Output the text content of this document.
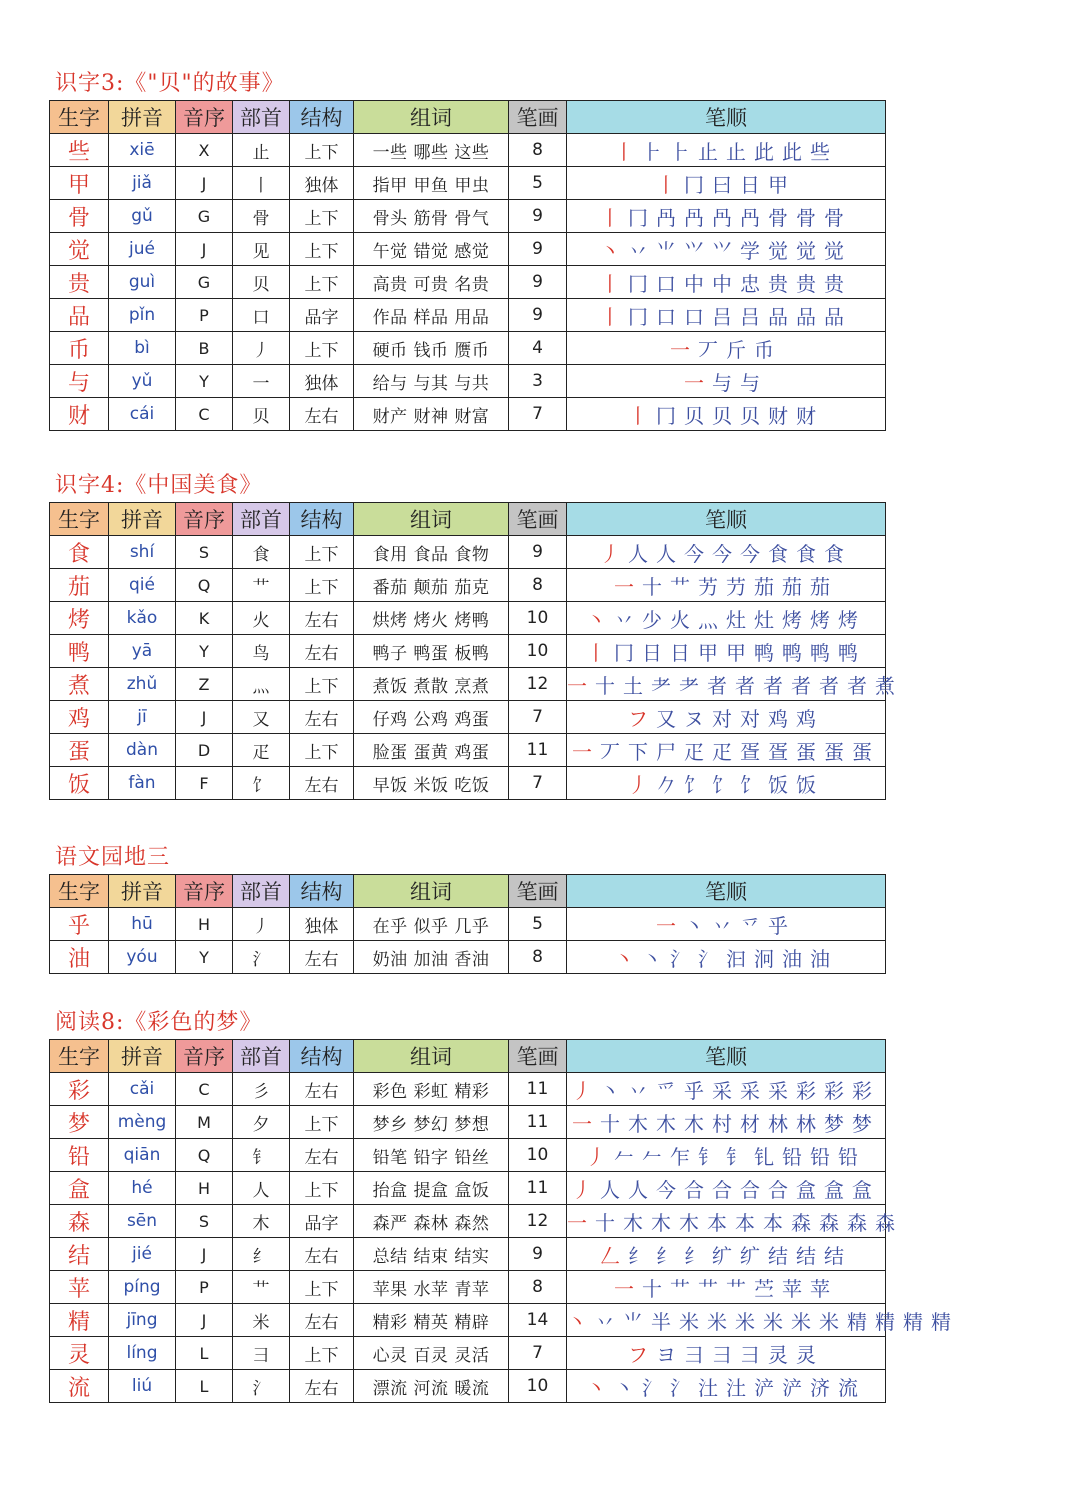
识字3:《"贝"的故事》
生字	拼音	音序	部首	结构	组词	笔画	笔顺
些	xiē	X	止	上下	一些 哪些 这些	8	丨 ⺊ ⺊ 止 止 此 此 些
甲	jiǎ	J	丨	独体	指甲 甲鱼 甲虫	5	丨 冂 曰 日 甲
骨	gǔ	G	骨	上下	骨头 筋骨 骨气	9	丨 冂 冎 冎 冎 冎 骨 骨 骨
觉	jué	J	见	上下	午觉 错觉 感觉	9	丶 丷 ⺌ ⺍ ⺍ 学 觉 觉 觉
贵	guì	G	贝	上下	高贵 可贵 名贵	9	丨 冂 口 中 中 忠 贵 贵 贵
品	pǐn	P	口	品字	作品 样品 用品	9	丨 冂 口 口 吕 吕 品 品 品
币	bì	B	丿	上下	硬币 钱币 赝币	4	一 丆 斤 币
与	yǔ	Y	一	独体	给与 与其 与共	3	一 与 与
财	cái	C	贝	左右	财产 财神 财富	7	丨 冂 贝 贝 贝 财 财
识字4:《中国美食》
生字	拼音	音序	部首	结构	组词	笔画	笔顺
食	shí	S	食	上下	食用 食品 食物	9	丿 人 人 今 今 今 食 食 食
茄	qié	Q	艹	上下	番茄 颠茄 茄克	8	一 十 艹 艻 芀 茄 茄 茄
烤	kǎo	K	火	左右	烘烤 烤火 烤鸭	10	丶 丷 少 火 灬 灶 灶 烤 烤 烤
鸭	yā	Y	鸟	左右	鸭子 鸭蛋 板鸭	10	丨 冂 日 日 甲 甲 鸭 鸭 鸭 鸭
煮	zhǔ	Z	灬	上下	煮饭 煮散 烹煮	12	一 十 土 耂 耂 者 者 者 者 者 者 煮
鸡	jī	J	又	左右	仔鸡 公鸡 鸡蛋	7	フ 又 ヌ 对 对 鸡 鸡
蛋	dàn	D	疋	上下	脸蛋 蛋黄 鸡蛋	11	一 丆 下 尸 疋 疋 疍 疍 蛋 蛋 蛋
饭	fàn	F	饣	左右	早饭 米饭 吃饭	7	丿 𠂊 饣 饣 饣 饭 饭
语文园地三
生字	拼音	音序	部首	结构	组词	笔画	笔顺
乎	hū	H	丿	独体	在乎 似乎 几乎	5	一 丶 丷 乊 乎
油	yóu	Y	氵	左右	奶油 加油 香油	8	丶 丶 氵 氵 汩 泂 油 油
阅读8:《彩色的梦》
生字	拼音	音序	部首	结构	组词	笔画	笔顺
彩	cǎi	C	彡	左右	彩色 彩虹 精彩	11	丿 丶 丷 爫 乎 采 采 采 彩 彩 彩
梦	mèng	M	夕	上下	梦乡 梦幻 梦想	11	一 十 木 木 木 村 材 林 林 梦 梦
铅	qiān	Q	钅	左右	铅笔 铅字 铅丝	10	丿 𠂉 𠂉 乍 钅 钅 钆 铅 铅 铅
盒	hé	H	人	上下	抬盒 提盒 盒饭	11	丿 人 人 今 合 合 合 合 盒 盒 盒
森	sēn	S	木	品字	森严 森林 森然	12	一 十 木 木 木 本 本 本 森 森 森 森
结	jié	J	纟	左右	总结 结束 结实	9	𠃋 纟 纟 纟 纩 纩 结 结 结
苹	píng	P	艹	上下	苹果 水苹 青苹	8	一 十 艹 艹 艹 苎 苹 苹
精	jīng	J	米	左右	精彩 精英 精辟	14	丶 丷 ⺌ 半 米 米 米 米 米 米 精 精 精 精
灵	líng	L	彐	上下	心灵 百灵 灵活	7	フ ヨ 彐 彐 彐 灵 灵
流	liú	L	氵	左右	漂流 河流 暖流	10	丶 丶 氵 氵 汢 汢 浐 浐 济 流
